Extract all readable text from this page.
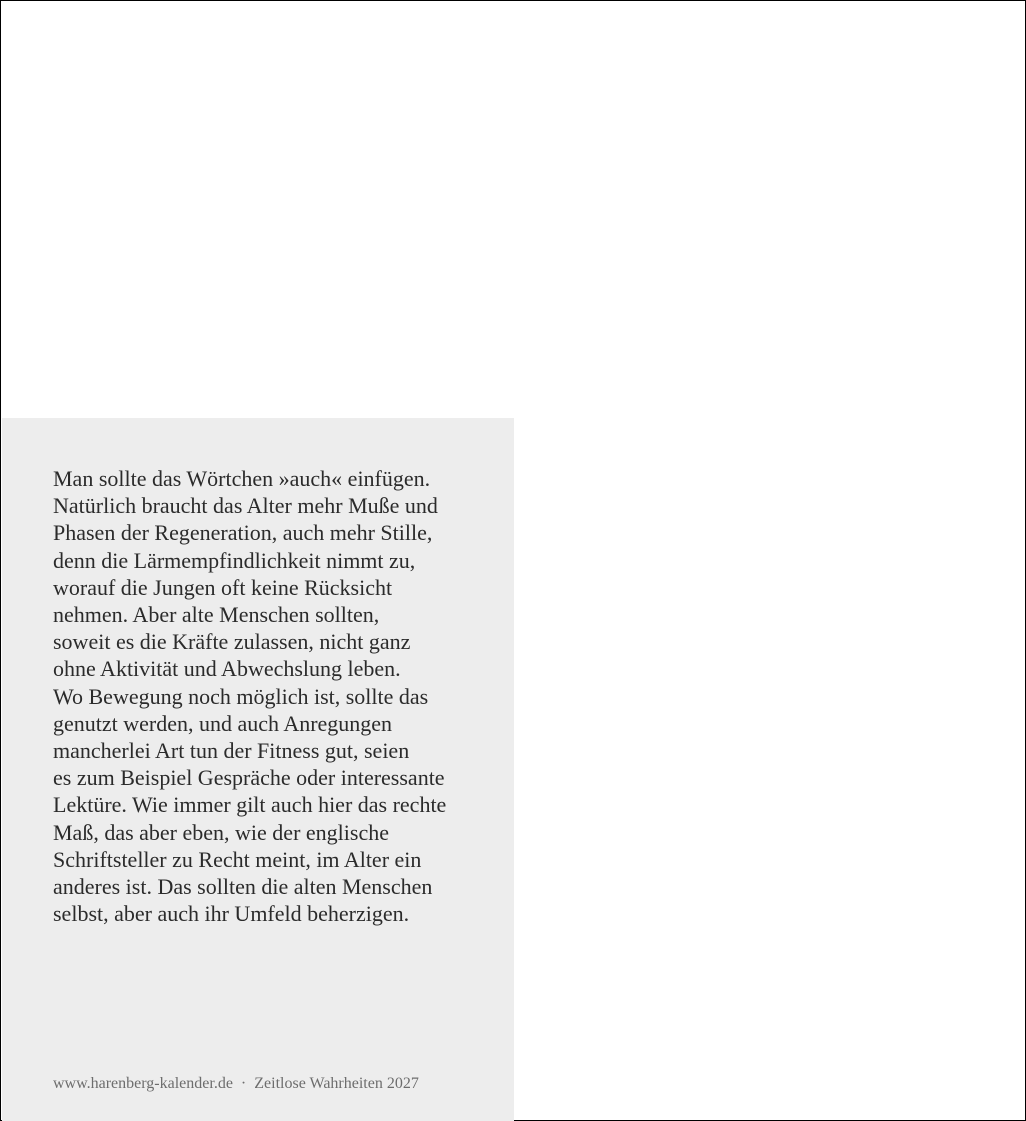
Man sollte das Wörtchen »auch« einfügen.
Natürlich braucht das Alter mehr Muße und
Phasen der Regeneration, auch mehr Stille,
denn die Lärmempfindlichkeit nimmt zu,
worauf die Jungen oft keine Rücksicht
nehmen. Aber alte Menschen sollten,
soweit es die Kräfte zulassen, nicht ganz
ohne Aktivität und Abwechslung leben.
Wo Bewegung noch möglich ist, sollte das
genutzt werden, und auch Anregungen
mancherlei Art tun der Fitness gut, seien
es zum Beispiel Gespräche oder interessante
Lektüre. Wie immer gilt auch hier das rechte
Maß, das aber eben, wie der englische
Schriftsteller zu Recht meint, im Alter ein
anderes ist. Das sollten die alten Menschen
selbst, aber auch ihr Umfeld beherzigen.

www.harenberg-kalender.de · Zeitlose Wahrheiten 2027
